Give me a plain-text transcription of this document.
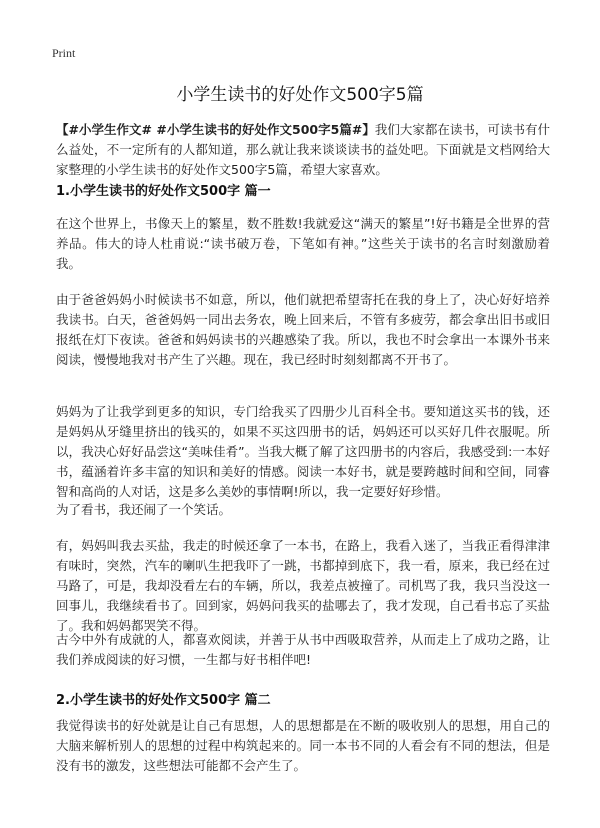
Print
小学生读书的好处作文500字5篇

【#小学生作文# #小学生读书的好处作文500字5篇#】我们大家都在读书，可读书有什么益处，不一定所有的人都知道，那么就让我来谈谈读书的益处吧。下面就是文档网给大家整理的小学生读书的好处作文500字5篇，希望大家喜欢。

1.小学生读书的好处作文500字 篇一

在这个世界上，书像天上的繁星，数不胜数!我就爱这“满天的繁星”!好书籍是全世界的营养品。伟大的诗人杜甫说:“读书破万卷，下笔如有神。”这些关于读书的名言时刻激励着我。

由于爸爸妈妈小时候读书不如意，所以，他们就把希望寄托在我的身上了，决心好好培养我读书。白天，爸爸妈妈一同出去务农，晚上回来后，不管有多疲劳，都会拿出旧书或旧报纸在灯下夜读。爸爸和妈妈读书的兴趣感染了我。所以，我也不时会拿出一本课外书来阅读，慢慢地我对书产生了兴趣。现在，我已经时时刻刻都离不开书了。

妈妈为了让我学到更多的知识，专门给我买了四册少儿百科全书。要知道这买书的钱，还是妈妈从牙缝里挤出的钱买的，如果不买这四册书的话，妈妈还可以买好几件衣服呢。所以，我决心好好品尝这“美味佳肴”。当我大概了解了这四册书的内容后，我感受到:一本好书，蕴涵着许多丰富的知识和美好的情感。阅读一本好书，就是要跨越时间和空间，同睿智和高尚的人对话，这是多么美妙的事情啊!所以，我一定要好好珍惜。

为了看书，我还闹了一个笑话。

有，妈妈叫我去买盐，我走的时候还拿了一本书，在路上，我看入迷了，当我正看得津津有味时，突然，汽车的喇叭生把我吓了一跳，书都掉到底下，我一看，原来，我已经在过马路了，可是，我却没看左右的车辆，所以，我差点被撞了。司机骂了我，我只当没这一回事儿，我继续看书了。回到家，妈妈问我买的盐哪去了，我才发现，自己看书忘了买盐了。我和妈妈都哭笑不得。

古今中外有成就的人，都喜欢阅读，并善于从书中西吸取营养，从而走上了成功之路，让我们养成阅读的好习惯，一生都与好书相伴吧!

2.小学生读书的好处作文500字 篇二

我觉得读书的好处就是让自己有思想，人的思想都是在不断的吸收别人的思想，用自己的大脑来解析别人的思想的过程中构筑起来的。同一本书不同的人看会有不同的想法，但是没有书的激发，这些想法可能都不会产生了。
